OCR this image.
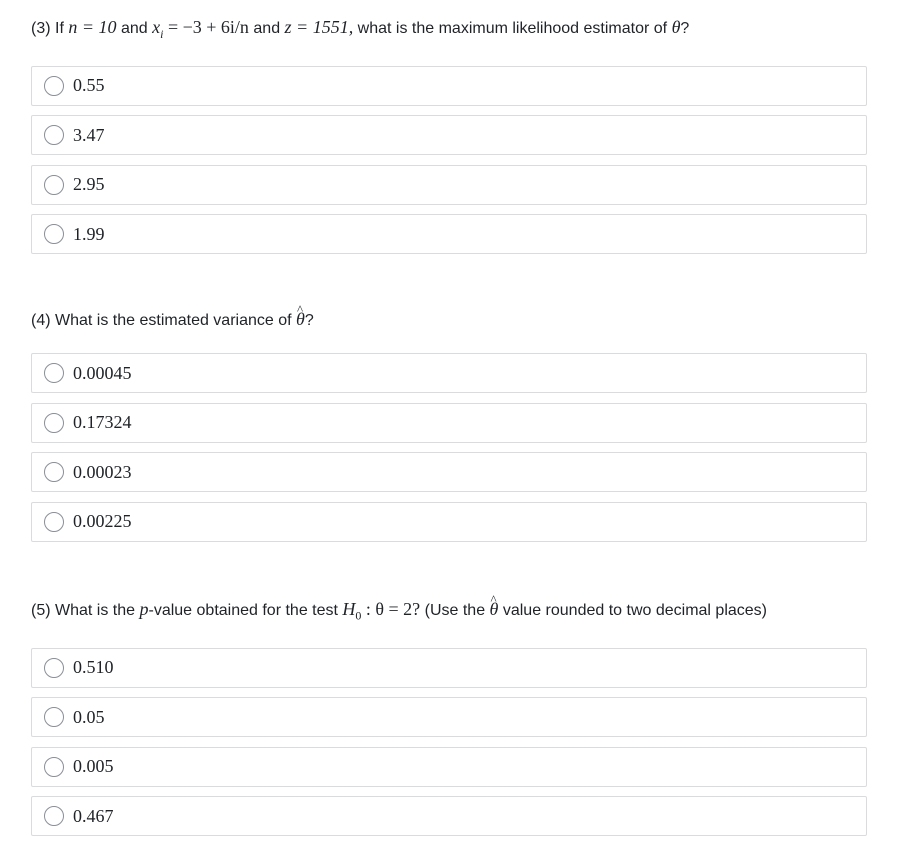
(3) If n = 10 and $x_i = -3 + 6i/n$ and z = 1551, what is the maximum likelihood estimator of θ?
0.55
3.47
2.95
1.99
(4) What is the estimated variance of ^ θ?
0.00045
0.17324
0.00023
0.00225
(5) What is the p-value obtained for the test $H_0$ : θ = 2? (Use the ^ θ value rounded to two decimal places)
0.510
0.05
0.005
0.467
